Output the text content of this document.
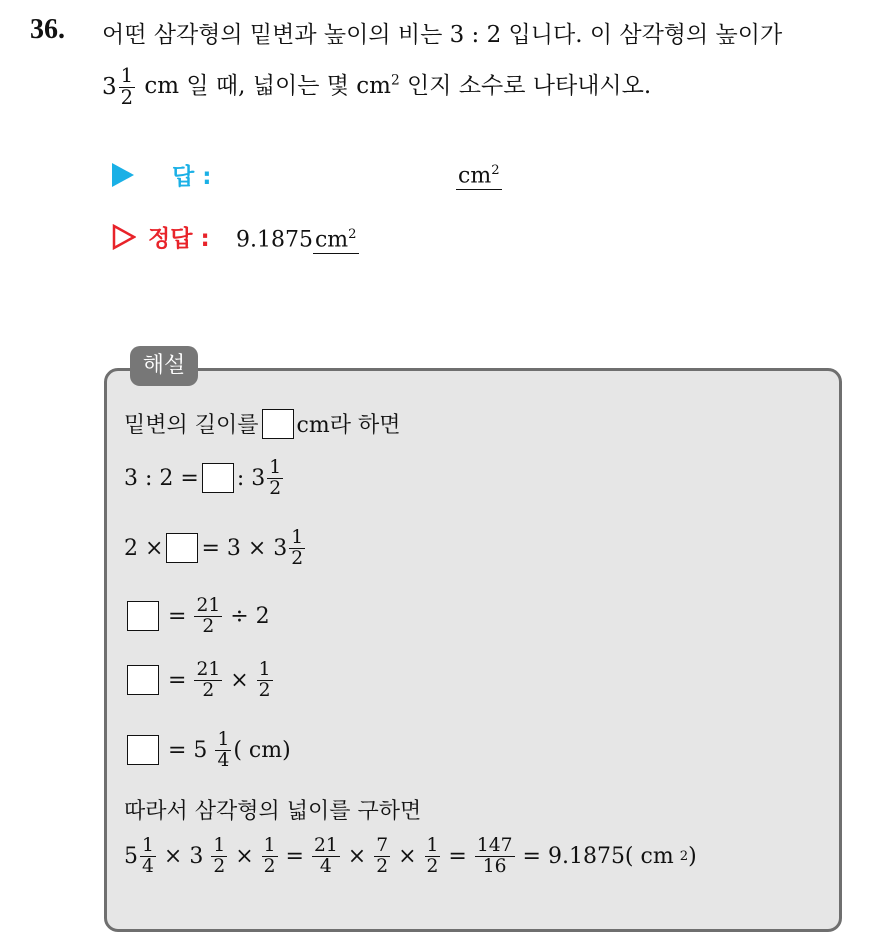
36. 어떤 삼각형의 밑변과 높이의 비는 3 : 2 입니다. 이 삼각형의 높이가
$3 \frac{1}{2}$ cm 일 때, 넓이는 몇 $cm^2$ 인지 소수로 나타내시오.
답 :	$cm^2$
정답 : $9.1875cm^2$
해설
밑변의 길이를 cm라 하면
3 : 2 = : $3 \frac{1}{2}$
2 × = $3 \times 3 \frac{1}{2}$
= $\frac{21}{2} \div 2$
= $\frac{21}{2} \times \frac{1}{2}$
= $5 \frac{1}{4}$ ( cm)
따라서 삼각형의 넓이를 구하면
$5 \frac{1}{4} \times 3 \frac{1}{2} \times \frac{1}{2} = \frac{21}{4} \times \frac{7}{2} \times \frac{1}{2} = \frac{147}{16} = 9.1875$( cm 2 )
